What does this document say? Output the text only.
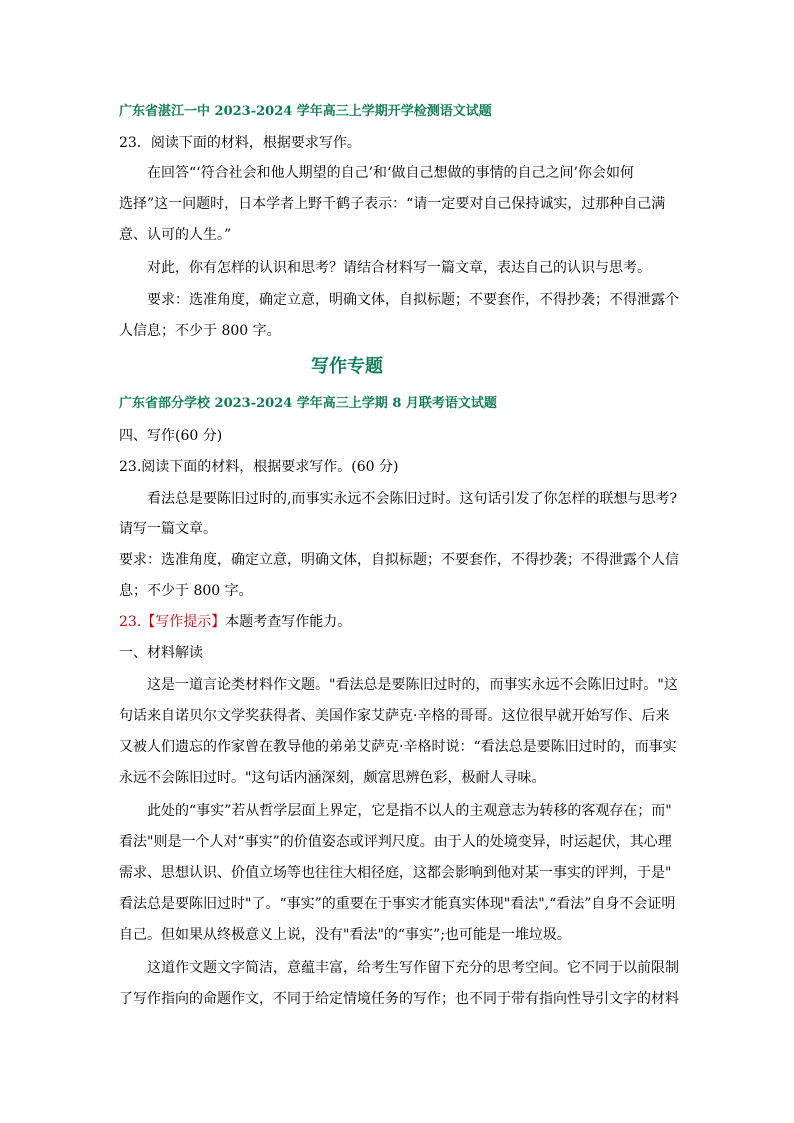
广东省湛江一中 2023-2024 学年高三上学期开学检测语文试题
23．阅读下面的材料，根据要求写作。
在回答“‘符合社会和他人期望的自己’和‘做自己想做的事情的自己之间’你会如何
选择”这一问题时，日本学者上野千鹤子表示：“请一定要对自己保持诚实，过那种自己满
意、认可的人生。”
对此，你有怎样的认识和思考？请结合材料写一篇文章，表达自己的认识与思考。
要求：选准角度，确定立意，明确文体，自拟标题；不要套作，不得抄袭；不得泄露个
人信息；不少于 800 字。
写作专题
广东省部分学校 2023-2024 学年高三上学期 8 月联考语文试题
四、写作(60 分)
23.阅读下面的材料，根据要求写作。(60 分)
看法总是要陈旧过时的,而事实永远不会陈旧过时。这句话引发了你怎样的联想与思考?
请写一篇文章。
要求：选准角度，确定立意，明确文体，自拟标题；不要套作，不得抄袭；不得泄露个人信
息；不少于 800 字。
23.【写作提示】本题考查写作能力。
一、材料解读
这是一道言论类材料作文题。"看法总是要陈旧过时的，而事实永远不会陈旧过时。"这
句话来自诺贝尔文学奖获得者、美国作家艾萨克·辛格的哥哥。这位很早就开始写作、后来
又被人们遗忘的作家曾在教导他的弟弟艾萨克·辛格时说：“看法总是要陈旧过时的，而事实
永远不会陈旧过时。"这句话内涵深刻，颇富思辨色彩，极耐人寻味。
此处的“事实”若从哲学层面上界定，它是指不以人的主观意志为转移的客观存在；而"
看法"则是一个人对“事实”的价值姿态或评判尺度。由于人的处境变异，时运起伏，其心理
需求、思想认识、价值立场等也往往大相径庭，这都会影响到他对某一事实的评判，于是"
看法总是要陈旧过时"了。“事实”的重要在于事实才能真实体现"看法",“看法”自身不会证明
自己。但如果从终极意义上说，没有"看法"的“事实”;也可能是一堆垃圾。
这道作文题文字简洁，意蕴丰富，给考生写作留下充分的思考空间。它不同于以前限制
了写作指向的命题作文，不同于给定情境任务的写作；也不同于带有指向性导引文字的材料
